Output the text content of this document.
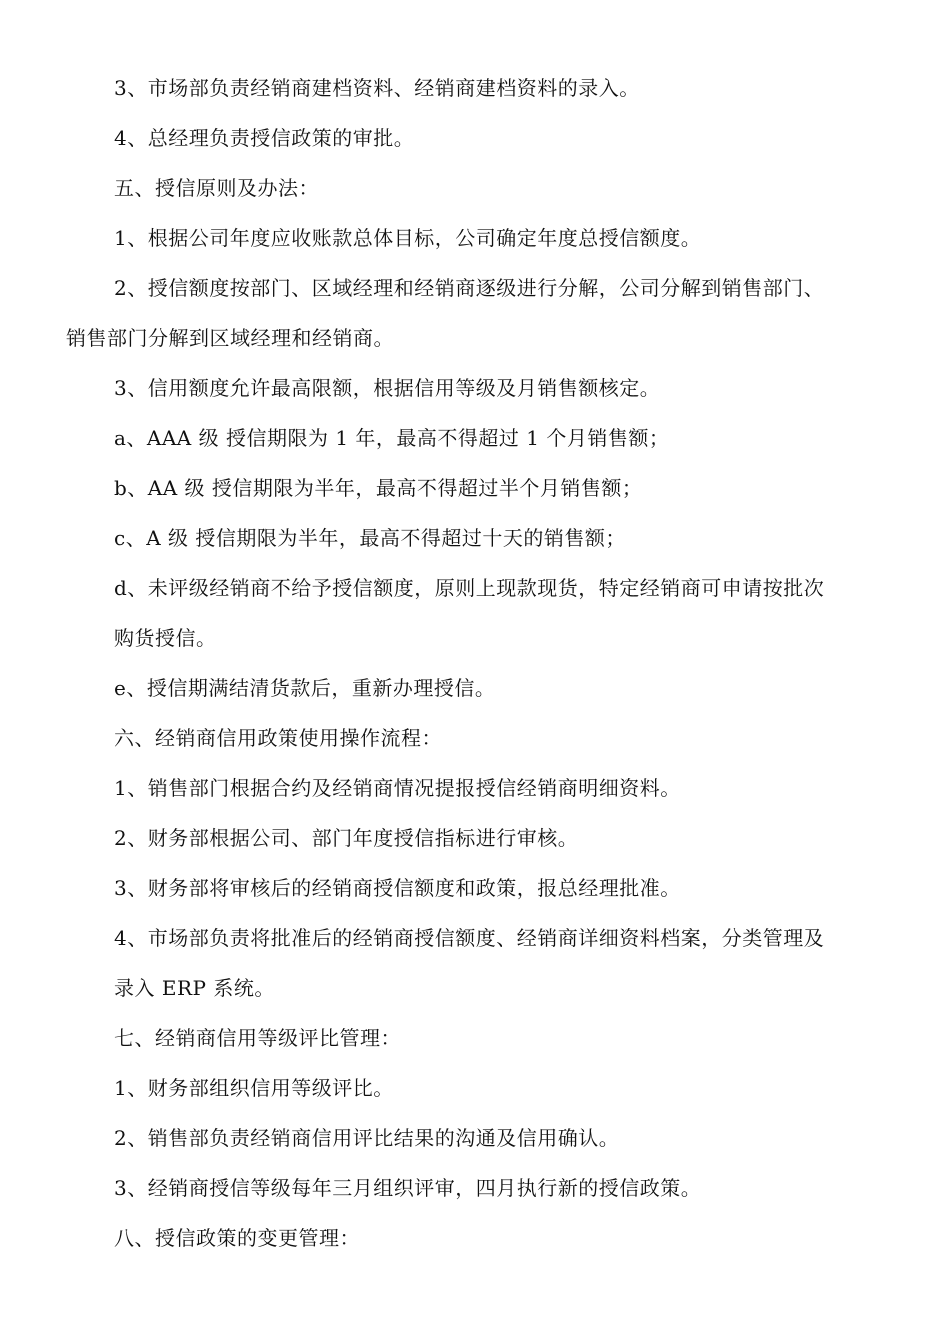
3、市场部负责经销商建档资料、经销商建档资料的录入。
4、总经理负责授信政策的审批。
五、授信原则及办法：
1、根据公司年度应收账款总体目标，公司确定年度总授信额度。
2、授信额度按部门、区域经理和经销商逐级进行分解，公司分解到销售部门、
销售部门分解到区域经理和经销商。
3、信用额度允许最高限额，根据信用等级及月销售额核定。
a、AAA 级 授信期限为 1 年，最高不得超过 1 个月销售额；
b、AA 级 授信期限为半年，最高不得超过半个月销售额；
c、A 级 授信期限为半年，最高不得超过十天的销售额；
d、未评级经销商不给予授信额度，原则上现款现货，特定经销商可申请按批次
购货授信。
e、授信期满结清货款后，重新办理授信。
六、经销商信用政策使用操作流程：
1、销售部门根据合约及经销商情况提报授信经销商明细资料。
2、财务部根据公司、部门年度授信指标进行审核。
3、财务部将审核后的经销商授信额度和政策，报总经理批准。
4、市场部负责将批准后的经销商授信额度、经销商详细资料档案，分类管理及
录入 ERP 系统。
七、经销商信用等级评比管理：
1、财务部组织信用等级评比。
2、销售部负责经销商信用评比结果的沟通及信用确认。
3、经销商授信等级每年三月组织评审，四月执行新的授信政策。
八、授信政策的变更管理：
